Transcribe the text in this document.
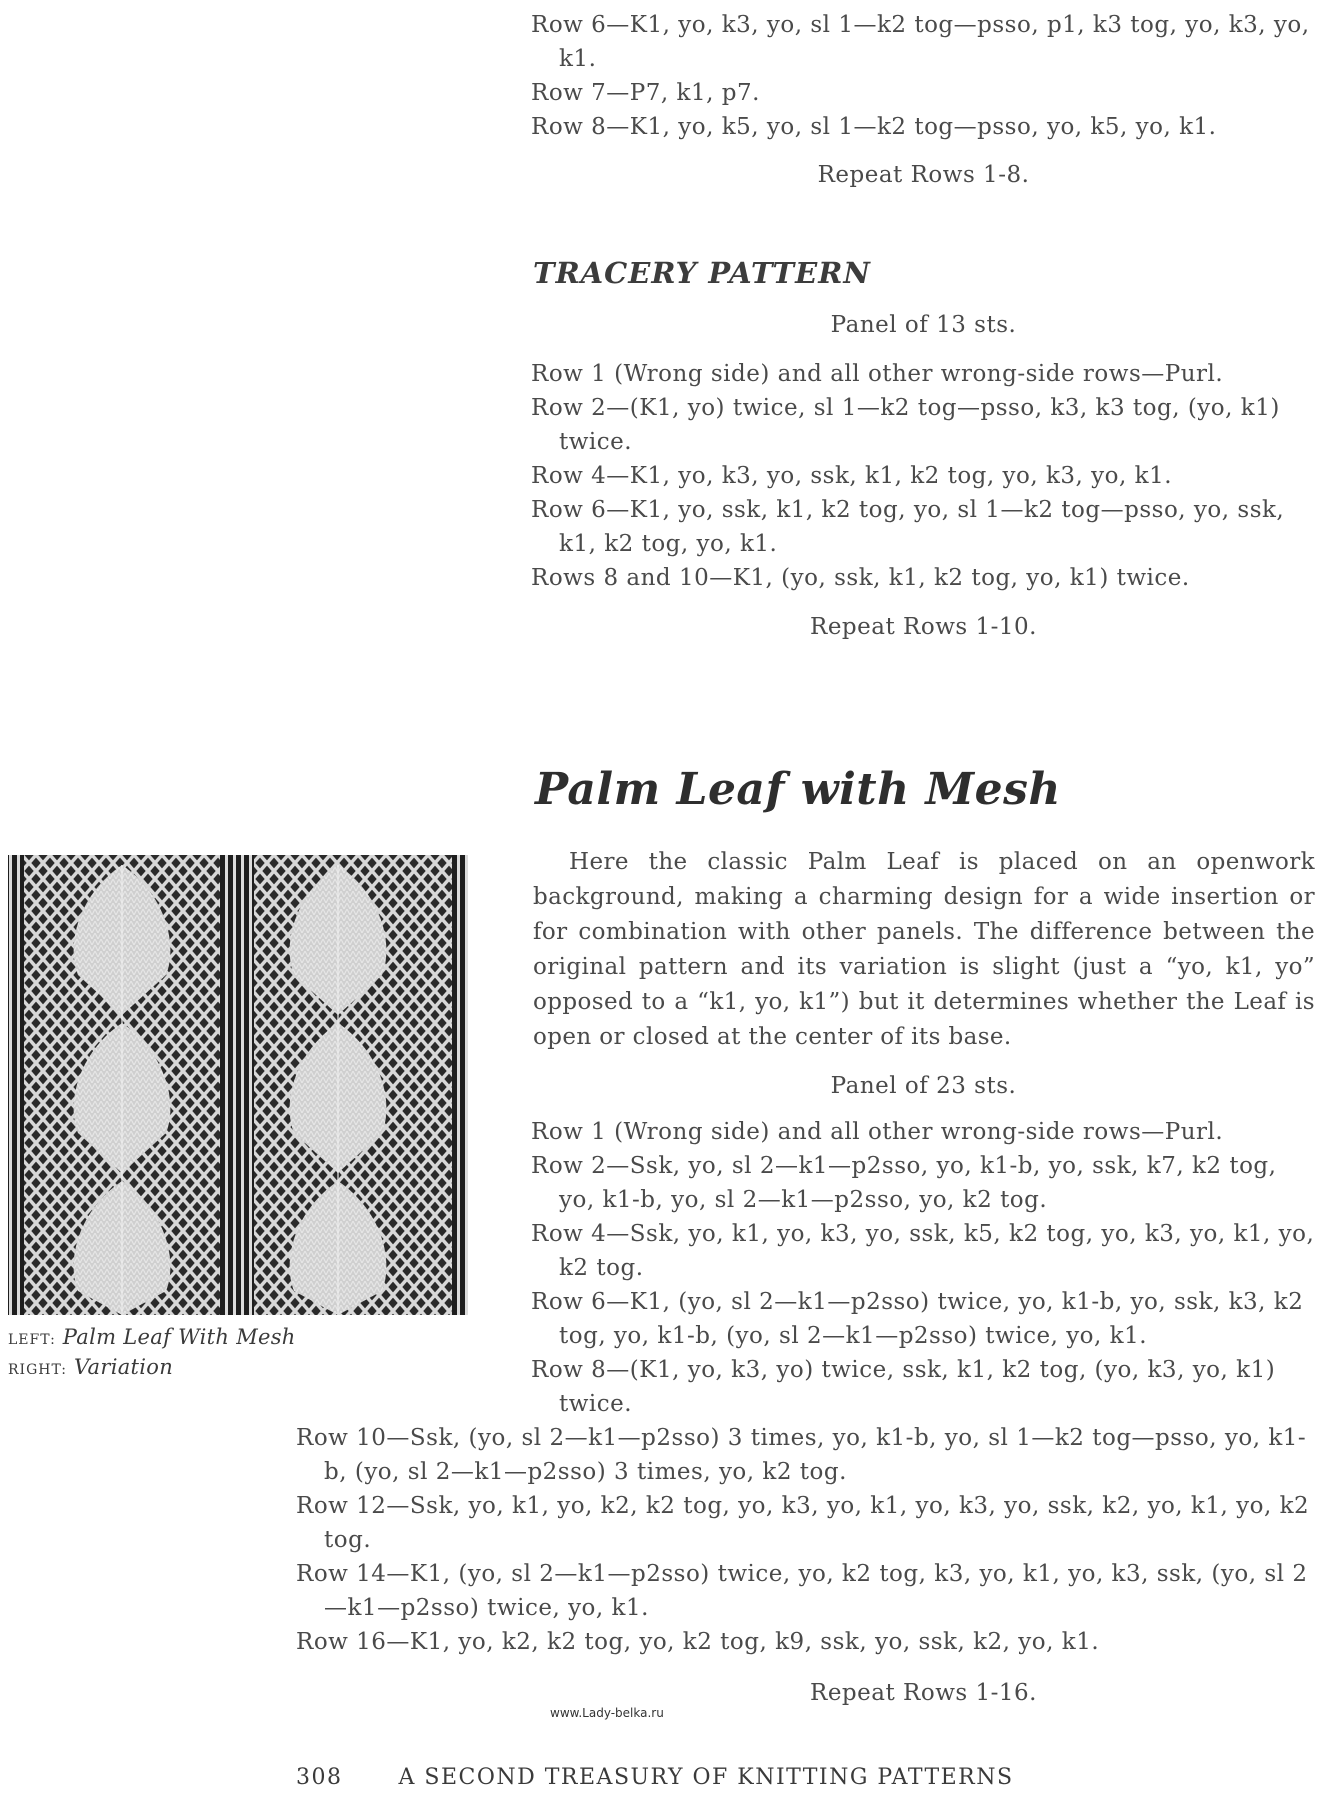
Row 6—K1, yo, k3, yo, sl 1—k2 tog—psso, p1, k3 tog, yo, k3, yo, k1.
Row 7—P7, k1, p7.
Row 8—K1, yo, k5, yo, sl 1—k2 tog—psso, yo, k5, yo, k1.
Repeat Rows 1-8.
TRACERY PATTERN
Panel of 13 sts.
Row 1 (Wrong side) and all other wrong-side rows—Purl.
Row 2—(K1, yo) twice, sl 1—k2 tog—psso, k3, k3 tog, (yo, k1) twice.
Row 4—K1, yo, k3, yo, ssk, k1, k2 tog, yo, k3, yo, k1.
Row 6—K1, yo, ssk, k1, k2 tog, yo, sl 1—k2 tog—psso, yo, ssk, k1, k2 tog, yo, k1.
Rows 8 and 10—K1, (yo, ssk, k1, k2 tog, yo, k1) twice.
Repeat Rows 1-10.
Palm Leaf with Mesh
Here the classic Palm Leaf is placed on an openwork background, making a charming design for a wide insertion or for combination with other panels. The difference between the original pattern and its variation is slight (just a “yo, k1, yo” opposed to a “k1, yo, k1”) but it determines whether the Leaf is open or closed at the center of its base.
Panel of 23 sts.
Row 1 (Wrong side) and all other wrong-side rows—Purl.
Row 2—Ssk, yo, sl 2—k1—p2sso, yo, k1-b, yo, ssk, k7, k2 tog, yo, k1-b, yo, sl 2—k1—p2sso, yo, k2 tog.
Row 4—Ssk, yo, k1, yo, k3, yo, ssk, k5, k2 tog, yo, k3, yo, k1, yo, k2 tog.
Row 6—K1, (yo, sl 2—k1—p2sso) twice, yo, k1-b, yo, ssk, k3, k2 tog, yo, k1-b, (yo, sl 2—k1—p2sso) twice, yo, k1.
Row 8—(K1, yo, k3, yo) twice, ssk, k1, k2 tog, (yo, k3, yo, k1) twice.
Row 10—Ssk, (yo, sl 2—k1—p2sso) 3 times, yo, k1-b, yo, sl 1—k2 tog—psso, yo, k1-b, (yo, sl 2—k1—p2sso) 3 times, yo, k2 tog.
Row 12—Ssk, yo, k1, yo, k2, k2 tog, yo, k3, yo, k1, yo, k3, yo, ssk, k2, yo, k1, yo, k2 tog.
Row 14—K1, (yo, sl 2—k1—p2sso) twice, yo, k2 tog, k3, yo, k1, yo, k3, ssk, (yo, sl 2—k1—p2sso) twice, yo, k1.
Row 16—K1, yo, k2, k2 tog, yo, k2 tog, k9, ssk, yo, ssk, k2, yo, k1.
Repeat Rows 1-16.
LEFT: Palm Leaf With Mesh
RIGHT: Variation
www.Lady-belka.ru
308	A SECOND TREASURY OF KNITTING PATTERNS
